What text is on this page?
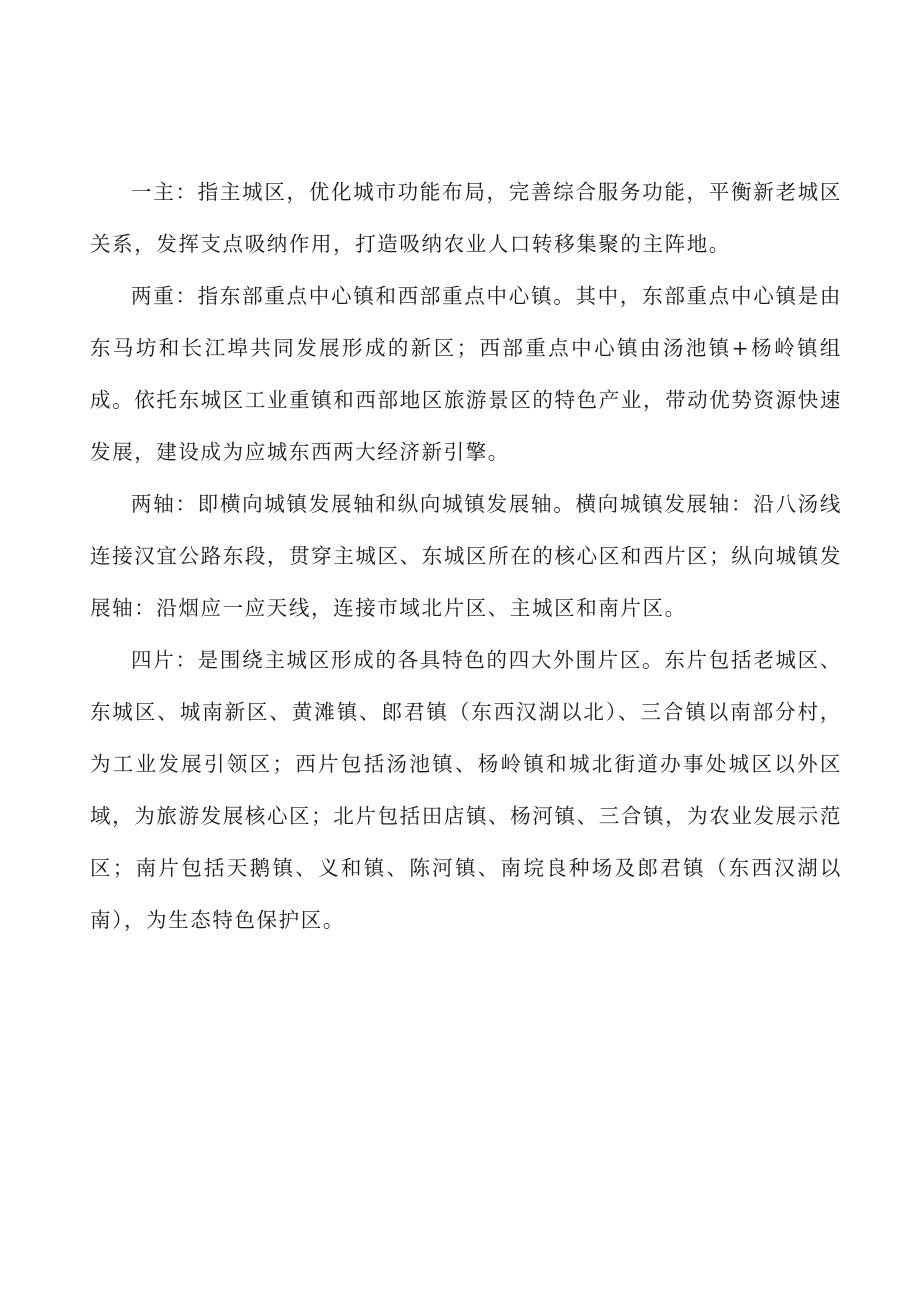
一主：指主城区，优化城市功能布局，完善综合服务功能，平衡新老城区关系，发挥支点吸纳作用，打造吸纳农业人口转移集聚的主阵地。

两重：指东部重点中心镇和西部重点中心镇。其中，东部重点中心镇是由东马坊和长江埠共同发展形成的新区；西部重点中心镇由汤池镇+杨岭镇组成。依托东城区工业重镇和西部地区旅游景区的特色产业，带动优势资源快速发展，建设成为应城东西两大经济新引擎。

两轴：即横向城镇发展轴和纵向城镇发展轴。横向城镇发展轴：沿八汤线连接汉宜公路东段，贯穿主城区、东城区所在的核心区和西片区；纵向城镇发展轴：沿烟应一应天线，连接市域北片区、主城区和南片区。

四片：是围绕主城区形成的各具特色的四大外围片区。东片包括老城区、东城区、城南新区、黄滩镇、郎君镇（东西汉湖以北）、三合镇以南部分村，为工业发展引领区；西片包括汤池镇、杨岭镇和城北街道办事处城区以外区域，为旅游发展核心区；北片包括田店镇、杨河镇、三合镇，为农业发展示范区；南片包括天鹅镇、义和镇、陈河镇、南垸良种场及郎君镇（东西汉湖以南），为生态特色保护区。
